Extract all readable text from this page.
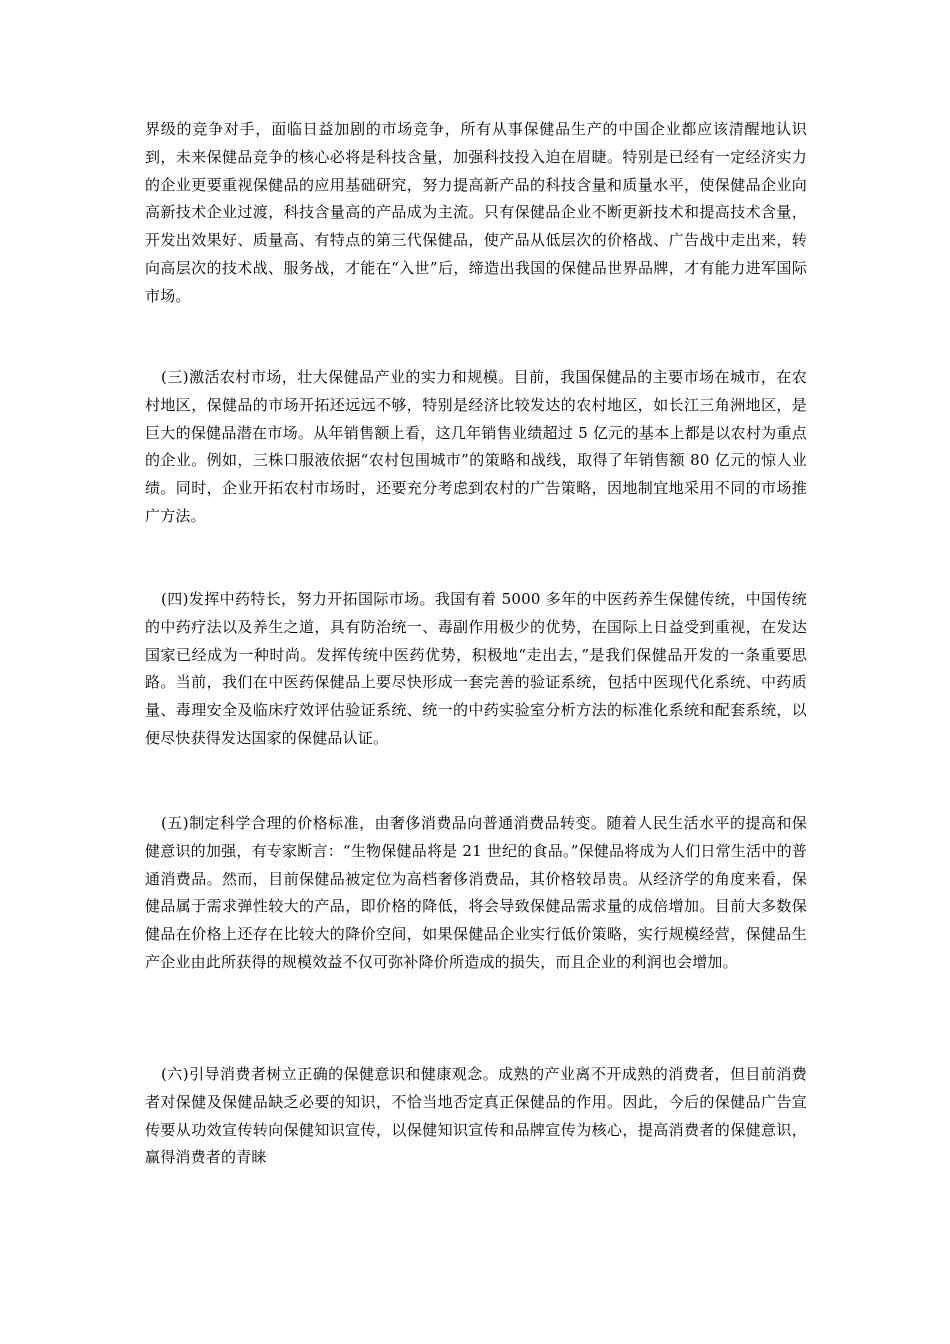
界级的竞争对手，面临日益加剧的市场竞争，所有从事保健品生产的中国企业都应该清醒地认识到，未来保健品竞争的核心必将是科技含量，加强科技投入迫在眉睫。特别是已经有一定经济实力的企业更要重视保健品的应用基础研究，努力提高新产品的科技含量和质量水平，使保健品企业向高新技术企业过渡，科技含量高的产品成为主流。只有保健品企业不断更新技术和提高技术含量，开发出效果好、质量高、有特点的第三代保健品，使产品从低层次的价格战、广告战中走出来，转向高层次的技术战、服务战，才能在“入世”后，缔造出我国的保健品世界品牌，才有能力进军国际市场。

(三)激活农村市场，壮大保健品产业的实力和规模。目前，我国保健品的主要市场在城市，在农村地区，保健品的市场开拓还远远不够，特别是经济比较发达的农村地区，如长江三角洲地区，是巨大的保健品潜在市场。从年销售额上看，这几年销售业绩超过 5 亿元的基本上都是以农村为重点的企业。例如，三株口服液依据“农村包围城市”的策略和战线，取得了年销售额 80 亿元的惊人业绩。同时，企业开拓农村市场时，还要充分考虑到农村的广告策略，因地制宜地采用不同的市场推广方法。

(四)发挥中药特长，努力开拓国际市场。我国有着 5000 多年的中医药养生保健传统，中国传统的中药疗法以及养生之道，具有防治统一、毒副作用极少的优势，在国际上日益受到重视，在发达国家已经成为一种时尚。发挥传统中医药优势，积极地“走出去，”是我们保健品开发的一条重要思路。当前，我们在中医药保健品上要尽快形成一套完善的验证系统，包括中医现代化系统、中药质量、毒理安全及临床疗效评估验证系统、统一的中药实验室分析方法的标准化系统和配套系统，以便尽快获得发达国家的保健品认证。

(五)制定科学合理的价格标准，由奢侈消费品向普通消费品转变。随着人民生活水平的提高和保健意识的加强，有专家断言：“生物保健品将是 21 世纪的食品。”保健品将成为人们日常生活中的普通消费品。然而，目前保健品被定位为高档奢侈消费品，其价格较昂贵。从经济学的角度来看，保健品属于需求弹性较大的产品，即价格的降低，将会导致保健品需求量的成倍增加。目前大多数保健品在价格上还存在比较大的降价空间，如果保健品企业实行低价策略，实行规模经营，保健品生产企业由此所获得的规模效益不仅可弥补降价所造成的损失，而且企业的利润也会增加。

(六)引导消费者树立正确的保健意识和健康观念。成熟的产业离不开成熟的消费者，但目前消费者对保健及保健品缺乏必要的知识，不恰当地否定真正保健品的作用。因此，今后的保健品广告宣传要从功效宣传转向保健知识宣传，以保健知识宣传和品牌宣传为核心，提高消费者的保健意识，赢得消费者的青睐
